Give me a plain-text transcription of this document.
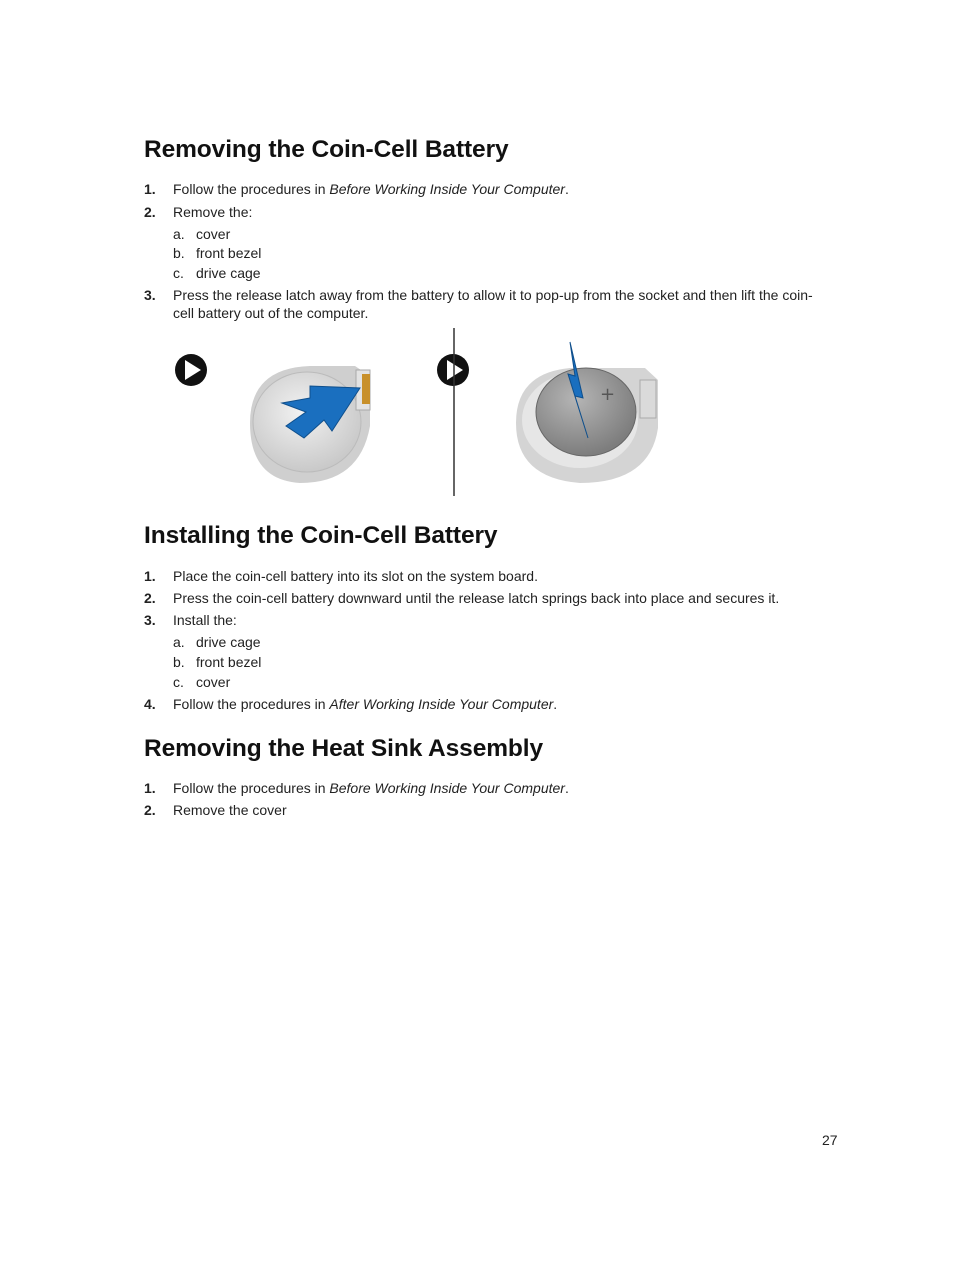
Removing the Coin-Cell Battery
1.	Follow the procedures in Before Working Inside Your Computer.
2.	Remove the:
a. cover
b. front bezel
c. drive cage
3.	Press the release latch away from the battery to allow it to pop-up from the socket and then lift the coin-cell battery out of the computer.
+
Installing the Coin-Cell Battery
1.	Place the coin-cell battery into its slot on the system board.
2.	Press the coin-cell battery downward until the release latch springs back into place and secures it.
3.	Install the:
a. drive cage
b. front bezel
c. cover
4.	Follow the procedures in After Working Inside Your Computer.
Removing the Heat Sink Assembly
1.	Follow the procedures in Before Working Inside Your Computer.
2.	Remove the cover
27
